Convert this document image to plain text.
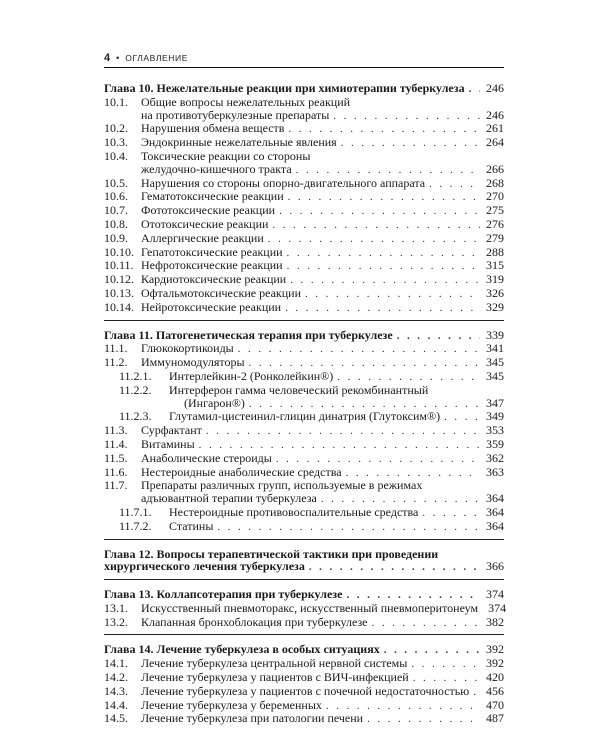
4 • ОГЛАВЛЕНИЕ
Глава 10. Нежелательные реакции при химиотерапии туберкулеза . . . 246
10.1.	Общие вопросы нежелательных реакций
на противотуберкулезные препараты . . .	246
10.2.	Нарушения обмена веществ . . .	261
10.3.	Эндокринные нежелательные явления . . .	264
10.4.	Токсические реакции со стороны
желудочно-кишечного тракта . . .	266
10.5.	Нарушения со стороны опорно-двигательного аппарата . . .	268
10.6.	Гематотоксические реакции . . .	270
10.7.	Фототоксические реакции . . .	275
10.8.	Ототоксические реакции . . .	276
10.9.	Аллергические реакции . . .	279
10.10. Гепатотоксические реакции . . .	288
10.11. Нефротоксические реакции . . .	315
10.12. Кардиотоксические реакции . . .	319
10.13. Офтальмотоксические реакции . . .	326
10.14. Нейротоксические реакции . . .	329
Глава 11. Патогенетическая терапия при туберкулезе . . .	339
11.1.	Глюкокортикоиды . . .	341
11.2.	Иммуномодуляторы . . .	345
11.2.1.	Интерлейкин-2 (Ронколейкин®) . . .	345
11.2.2.	Интерферон гамма человеческий рекомбинантный
(Ингарон®) . . .	347
11.2.3.	Глутамил-цистеинил-глицин динатрия (Глутоксим®) . . .	349
11.3.	Сурфактант . . .	353
11.4.	Витамины . . .	359
11.5.	Анаболические стероиды . . .	362
11.6.	Нестероидные анаболические средства . . .	363
11.7.	Препараты различных групп, используемые в режимах
адъювантной терапии туберкулеза . . .	364
11.7.1.	Нестероидные противовоспалительные средства . . .	364
11.7.2.	Статины . . .	364
Глава 12. Вопросы терапевтической тактики при проведении
хирургического лечения туберкулеза . . .	366
Глава 13. Коллапсотерапия при туберкулезе . . .	374
13.1.	Искусственный пневмоторакс, искусственный пневмоперитонеум 374
13.2.	Клапанная бронхоблокация при туберкулезе . . .	382
Глава 14. Лечение туберкулеза в особых ситуациях . . .	392
14.1.	Лечение туберкулеза центральной нервной системы . . .	392
14.2.	Лечение туберкулеза у пациентов с ВИЧ-инфекцией . . .	420
14.3.	Лечение туберкулеза у пациентов с почечной недостаточностью . . . 456
14.4.	Лечение туберкулеза у беременных . . .	470
14.5.	Лечение туберкулеза при патологии печени . . .	487
